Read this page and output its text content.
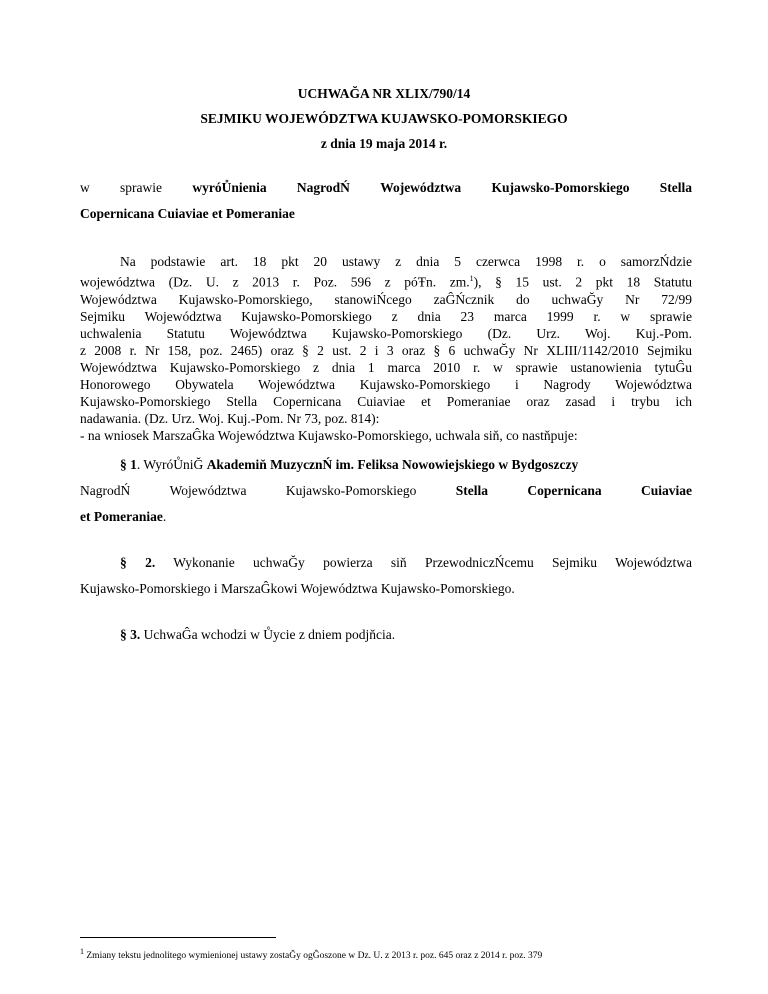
UCHWAĞA NR XLIX/790/14
SEJMIKU WOJEWÓDZTWA KUJAWSKO-POMORSKIEGO
z dnia 19 maja 2014 r.
w sprawie wyróŮnienia NagrodŃ Województwa Kujawsko-Pomorskiego Stella
Copernicana Cuiaviae et Pomeraniae
Na podstawie art. 18 pkt 20 ustawy z dnia 5 czerwca 1998 r. o samorzŃdzie
województwa (Dz. U. z 2013 r. Poz. 596 z póŦn. zm.$^1$), § 15 ust. 2 pkt 18 Statutu
Województwa Kujawsko-Pomorskiego, stanowiŃcego zaĜŃcznik do uchwaĞy Nr 72/99
Sejmiku Województwa Kujawsko-Pomorskiego z dnia 23 marca 1999 r. w sprawie
uchwalenia Statutu Województwa Kujawsko-Pomorskiego (Dz. Urz. Woj. Kuj.-Pom.
z 2008 r. Nr 158, poz. 2465) oraz § 2 ust. 2 i 3 oraz § 6 uchwaĞy Nr XLIII/1142/2010 Sejmiku
Województwa Kujawsko-Pomorskiego z dnia 1 marca 2010 r. w sprawie ustanowienia tytuĜu
Honorowego Obywatela Województwa Kujawsko-Pomorskiego i Nagrody Województwa
Kujawsko-Pomorskiego Stella Copernicana Cuiaviae et Pomeraniae oraz zasad i trybu ich
nadawania. (Dz. Urz. Woj. Kuj.-Pom. Nr 73, poz. 814):
- na wniosek MarszaĜka Województwa Kujawsko-Pomorskiego, uchwala siň, co nastňpuje:
§ 1. WyróŮniĞ Akademiň MuzycznŃ im. Feliksa Nowowiejskiego w Bydgoszczy
NagrodŃ	Województwa	Kujawsko-Pomorskiego	Stella	Copernicana	Cuiaviae
et Pomeraniae.
§ 2. Wykonanie uchwaĞy powierza siň PrzewodniczŃcemu Sejmiku Województwa
Kujawsko-Pomorskiego i MarszaĜkowi Województwa Kujawsko-Pomorskiego.
§ 3. UchwaĜa wchodzi w Ůycie z dniem podjňcia.
$^1$ Zmiany tekstu jednolitego wymienionej ustawy zostaĞy ogĜoszone w Dz. U. z 2013 r. poz. 645 oraz z 2014 r. poz. 379
